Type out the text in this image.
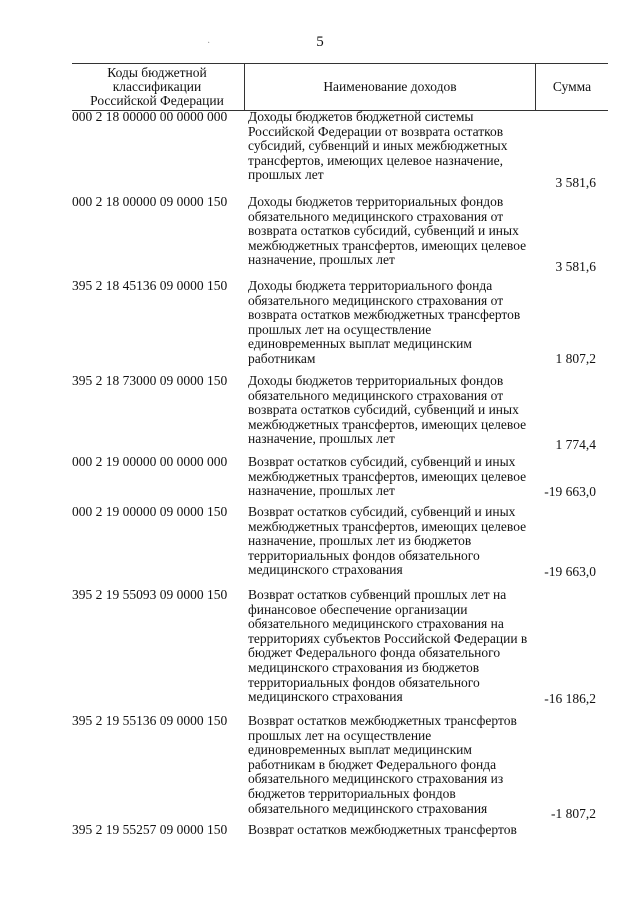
5
Коды бюджетной
классификации
Российской Федерации
Наименование доходов	Сумма
000 2 18 00000 00 0000 000	Доходы бюджетов бюджетной системы
Российской Федерации от возврата остатков
субсидий, субвенций и иных межбюджетных
трансфертов, имеющих целевое назначение,
прошлых лет
3 581,6
000 2 18 00000 09 0000 150	Доходы бюджетов территориальных фондов
обязательного медицинского страхования от
возврата остатков субсидий, субвенций и иных
межбюджетных трансфертов, имеющих целевое
назначение, прошлых лет	3 581,6
395 2 18 45136 09 0000 150	Доходы бюджета территориального фонда
обязательного медицинского страхования от
возврата остатков межбюджетных трансфертов
прошлых лет на осуществление
единовременных выплат медицинским
работникам	1 807,2
395 2 18 73000 09 0000 150	Доходы бюджетов территориальных фондов
обязательного медицинского страхования от
возврата остатков субсидий, субвенций и иных
межбюджетных трансфертов, имеющих целевое
назначение, прошлых лет	1 774,4
000 2 19 00000 00 0000 000	Возврат остатков субсидий, субвенций и иных
межбюджетных трансфертов, имеющих целевое
назначение, прошлых лет	-19 663,0
000 2 19 00000 09 0000 150	Возврат остатков субсидий, субвенций и иных
межбюджетных трансфертов, имеющих целевое
назначение, прошлых лет из бюджетов
территориальных фондов обязательного
медицинского страхования	-19 663,0
395 2 19 55093 09 0000 150	Возврат остатков субвенций прошлых лет на
финансовое обеспечение организации
обязательного медицинского страхования на
территориях субъектов Российской Федерации в
бюджет Федерального фонда обязательного
медицинского страхования из бюджетов
территориальных фондов обязательного
медицинского страхования	-16 186,2
395 2 19 55136 09 0000 150	Возврат остатков межбюджетных трансфертов
прошлых лет на осуществление
единовременных выплат медицинским
работникам в бюджет Федерального фонда
обязательного медицинского страхования из
бюджетов территориальных фондов
обязательного медицинского страхования	-1 807,2
395 2 19 55257 09 0000 150	Возврат остатков межбюджетных трансфертов
·
